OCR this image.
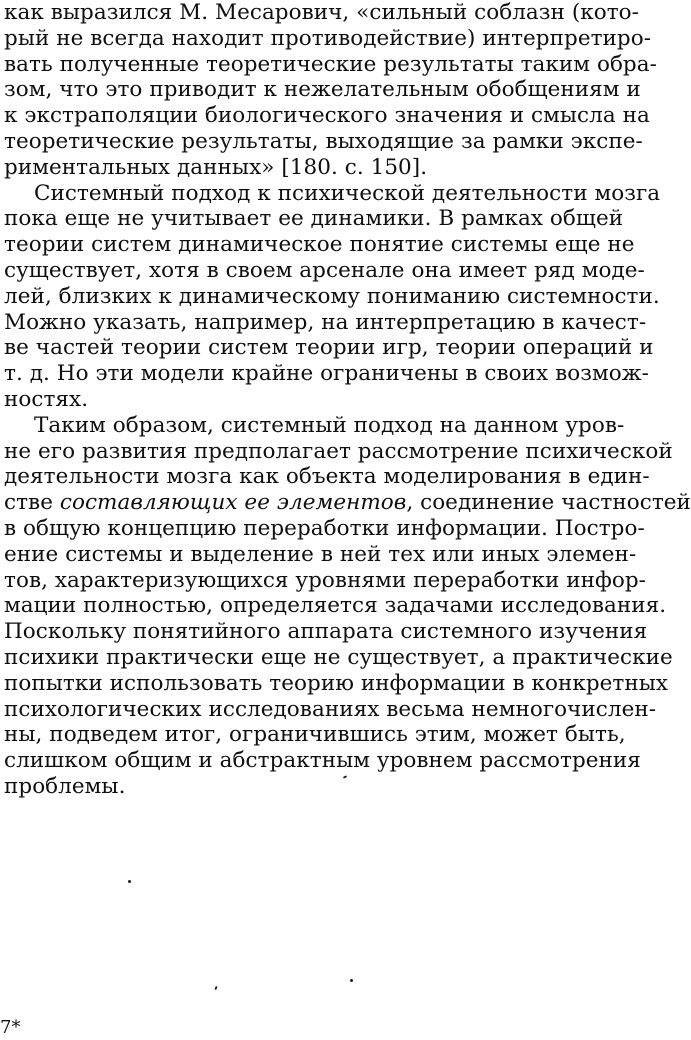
как выразился М. Месарович, «сильный соблазн (кото-
рый не всегда находит противодействие) интерпретиро-
вать полученные теоретические результаты таким обра-
зом, что это приводит к нежелательным обобщениям и
к экстраполяции биологического значения и смысла на
теоретические результаты, выходящие за рамки экспе-
риментальных данных» [180. с. 150].
Системный подход к психической деятельности мозга
пока еще не учитывает ее динамики. В рамках общей
теории систем динамическое понятие системы еще не
существует, хотя в своем арсенале она имеет ряд моде-
лей, близких к динамическому пониманию системности.
Можно указать, например, на интерпретацию в качест-
ве частей теории систем теории игр, теории операций и
т. д. Но эти модели крайне ограничены в своих возмож-
ностях.
Таким образом, системный подход на данном уров-
не его развития предполагает рассмотрение психической
деятельности мозга как объекта моделирования в един-
стве составляющих ее элементов, соединение частностей
в общую концепцию переработки информации. Постро-
ение системы и выделение в ней тех или иных элемен-
тов, характеризующихся уровнями переработки инфор-
мации полностью, определяется задачами исследования.
Поскольку понятийного аппарата системного изучения
психики практически еще не существует, а практические
попытки использовать теорию информации в конкретных
психологических исследованиях весьма немногочислен-
ны, подведем итог, ограничившись этим, может быть,
слишком общим и абстрактным уровнем рассмотрения
проблемы.
7*
